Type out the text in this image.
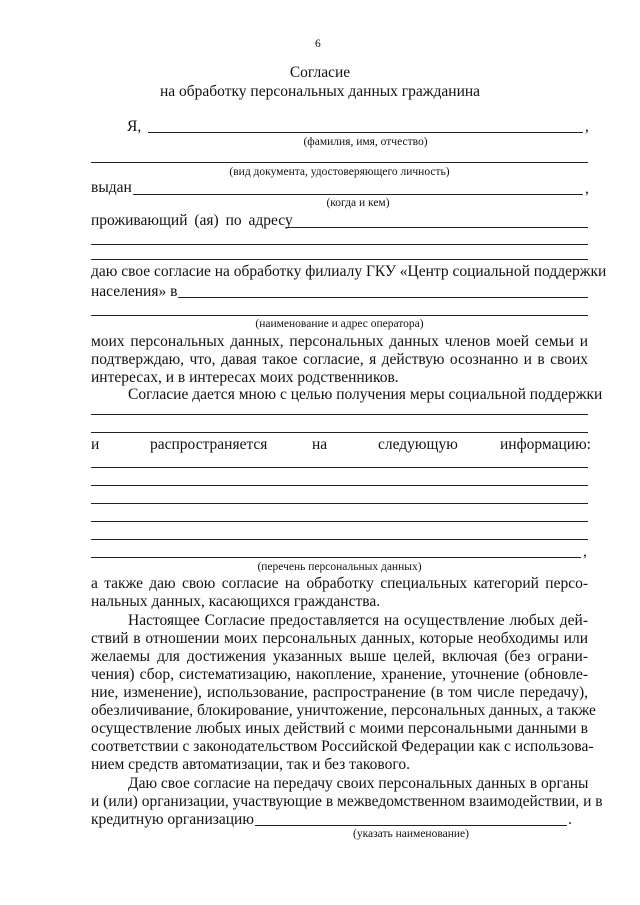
6
Согласие
на обработку персональных данных гражданина
Я,	,
(фамилия, имя, отчество)
(вид документа, удостоверяющего личность)
выдан	,
(когда и кем)
проживающий (ая) по адресу
даю свое согласие на обработку филиалу ГКУ «Центр социальной поддержки
населения» в
(наименование и адрес оператора)
моих персональных данных, персональных данных членов моей семьи и
подтверждаю, что, давая такое согласие, я действую осознанно и в своих
интересах, и в интересах моих родственников.
Согласие дается мною с целью получения меры социальной поддержки
и	распространяется	на	следующую	информацию:
,
(перечень персональных данных)
а также даю свою согласие на обработку специальных категорий персо-
нальных данных, касающихся гражданства.
Настоящее Согласие предоставляется на осуществление любых дей-
ствий в отношении моих персональных данных, которые необходимы или
желаемы для достижения указанных выше целей, включая (без ограни-
чения) сбор, систематизацию, накопление, хранение, уточнение (обновле-
ние, изменение), использование, распространение (в том числе передачу),
обезличивание, блокирование, уничтожение, персональных данных, а также
осуществление любых иных действий с моими персональными данными в
соответствии с законодательством Российской Федерации как с использова-
нием средств автоматизации, так и без такового.
Даю свое согласие на передачу своих персональных данных в органы
и (или) организации, участвующие в межведомственном взаимодействии, и в
кредитную организацию	.
(указать наименование)
